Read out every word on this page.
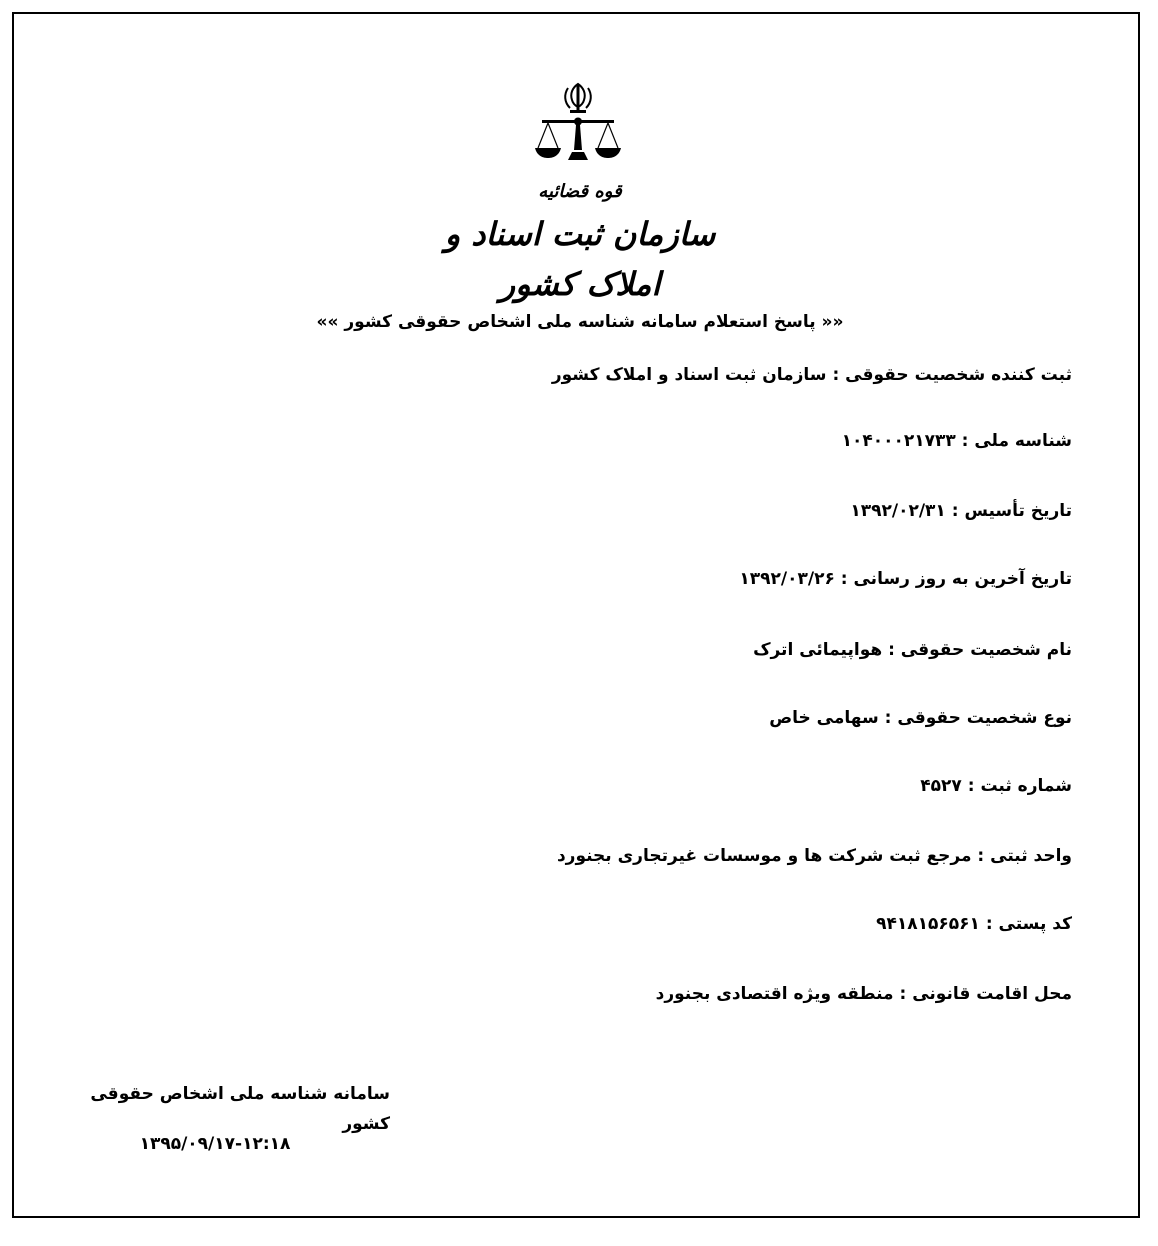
قوه قضائیه
سازمان ثبت اسناد و املاک کشور
«« پاسخ استعلام سامانه شناسه ملی اشخاص حقوقی کشور »»
ثبت کننده شخصیت حقوقی : سازمان ثبت اسناد و املاک کشور
شناسه ملی : ۱۰۴۰۰۰۲۱۷۳۳
تاریخ تأسیس : ۱۳۹۲/۰۲/۳۱
تاریخ آخرین به روز رسانی : ۱۳۹۲/۰۳/۲۶
نام شخصیت حقوقی : هواپیمائی اترک
نوع شخصیت حقوقی : سهامی خاص
شماره ثبت : ۴۵۲۷
واحد ثبتی : مرجع ثبت شرکت ها و موسسات غیرتجاری بجنورد
کد پستی : ۹۴۱۸۱۵۶۵۶۱
محل اقامت قانونی : منطقه ویژه اقتصادی بجنورد
سامانه شناسه ملی اشخاص حقوقی کشور
۱۳۹۵/۰۹/۱۷-۱۲:۱۸
